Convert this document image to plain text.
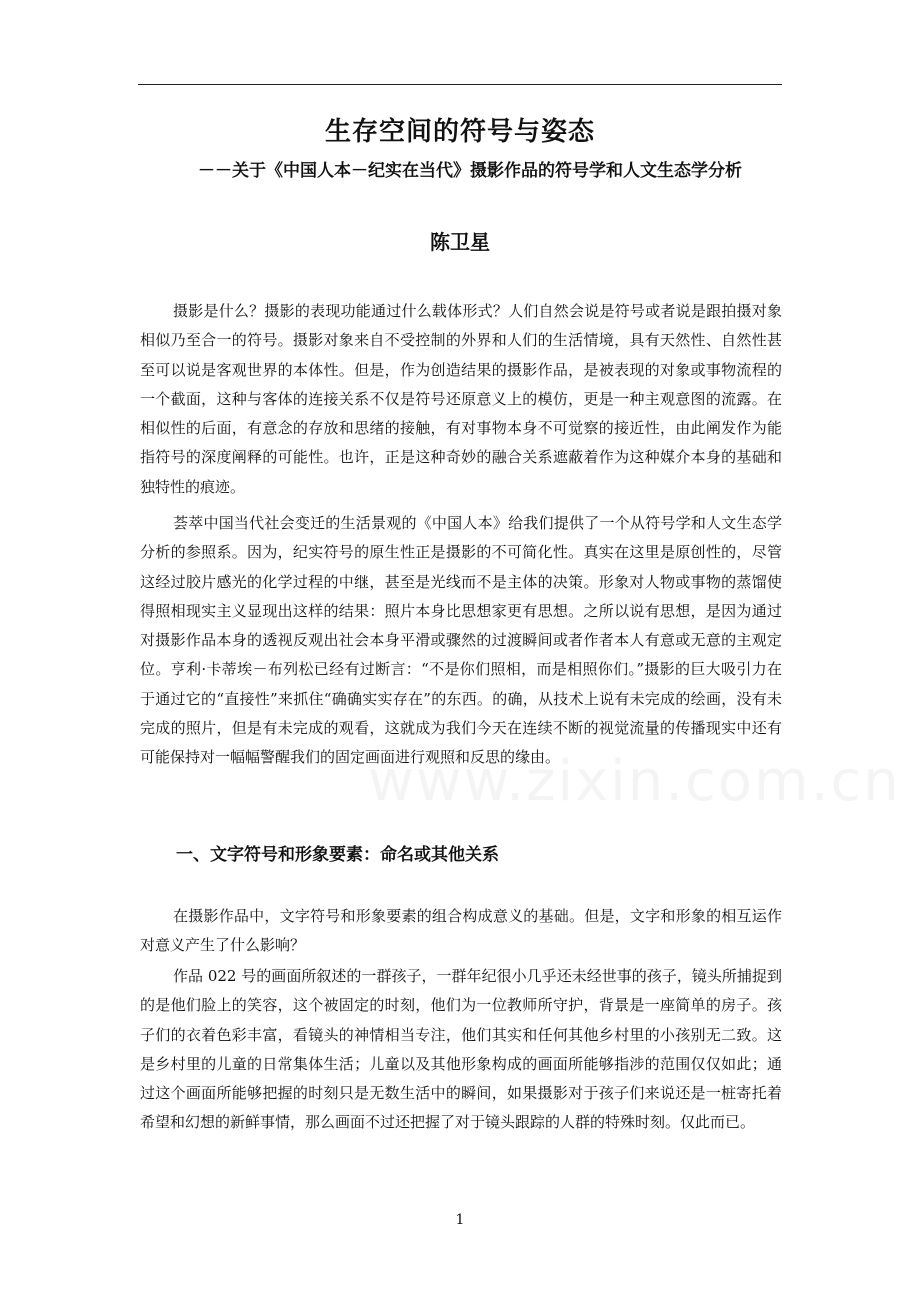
生存空间的符号与姿态
－－关于《中国人本－纪实在当代》摄影作品的符号学和人文生态学分析
陈卫星

摄影是什么？摄影的表现功能通过什么载体形式？人们自然会说是符号或者说是跟拍摄对象相似乃至合一的符号。摄影对象来自不受控制的外界和人们的生活情境，具有天然性、自然性甚至可以说是客观世界的本体性。但是，作为创造结果的摄影作品，是被表现的对象或事物流程的一个截面，这种与客体的连接关系不仅是符号还原意义上的模仿，更是一种主观意图的流露。在相似性的后面，有意念的存放和思绪的接触，有对事物本身不可觉察的接近性，由此阐发作为能指符号的深度阐释的可能性。也许，正是这种奇妙的融合关系遮蔽着作为这种媒介本身的基础和独特性的痕迹。

荟萃中国当代社会变迁的生活景观的《中国人本》给我们提供了一个从符号学和人文生态学分析的参照系。因为，纪实符号的原生性正是摄影的不可简化性。真实在这里是原创性的，尽管这经过胶片感光的化学过程的中继，甚至是光线而不是主体的决策。形象对人物或事物的蒸馏使得照相现实主义显现出这样的结果：照片本身比思想家更有思想。之所以说有思想，是因为通过对摄影作品本身的透视反观出社会本身平滑或骤然的过渡瞬间或者作者本人有意或无意的主观定位。亨利·卡蒂埃－布列松已经有过断言：“不是你们照相，而是相照你们。”摄影的巨大吸引力在于通过它的“直接性”来抓住“确确实实存在”的东西。的确，从技术上说有未完成的绘画，没有未完成的照片，但是有未完成的观看，这就成为我们今天在连续不断的视觉流量的传播现实中还有可能保持对一幅幅警醒我们的固定画面进行观照和反思的缘由。

一、文字符号和形象要素：命名或其他关系

在摄影作品中，文字符号和形象要素的组合构成意义的基础。但是，文字和形象的相互运作对意义产生了什么影响？

作品 022 号的画面所叙述的一群孩子，一群年纪很小几乎还未经世事的孩子，镜头所捕捉到的是他们脸上的笑容，这个被固定的时刻，他们为一位教师所守护，背景是一座简单的房子。孩子们的衣着色彩丰富，看镜头的神情相当专注，他们其实和任何其他乡村里的小孩别无二致。这是乡村里的儿童的日常集体生活；儿童以及其他形象构成的画面所能够指涉的范围仅仅如此；通过这个画面所能够把握的时刻只是无数生活中的瞬间，如果摄影对于孩子们来说还是一桩寄托着希望和幻想的新鲜事情，那么画面不过还把握了对于镜头跟踪的人群的特殊时刻。仅此而已。

1
